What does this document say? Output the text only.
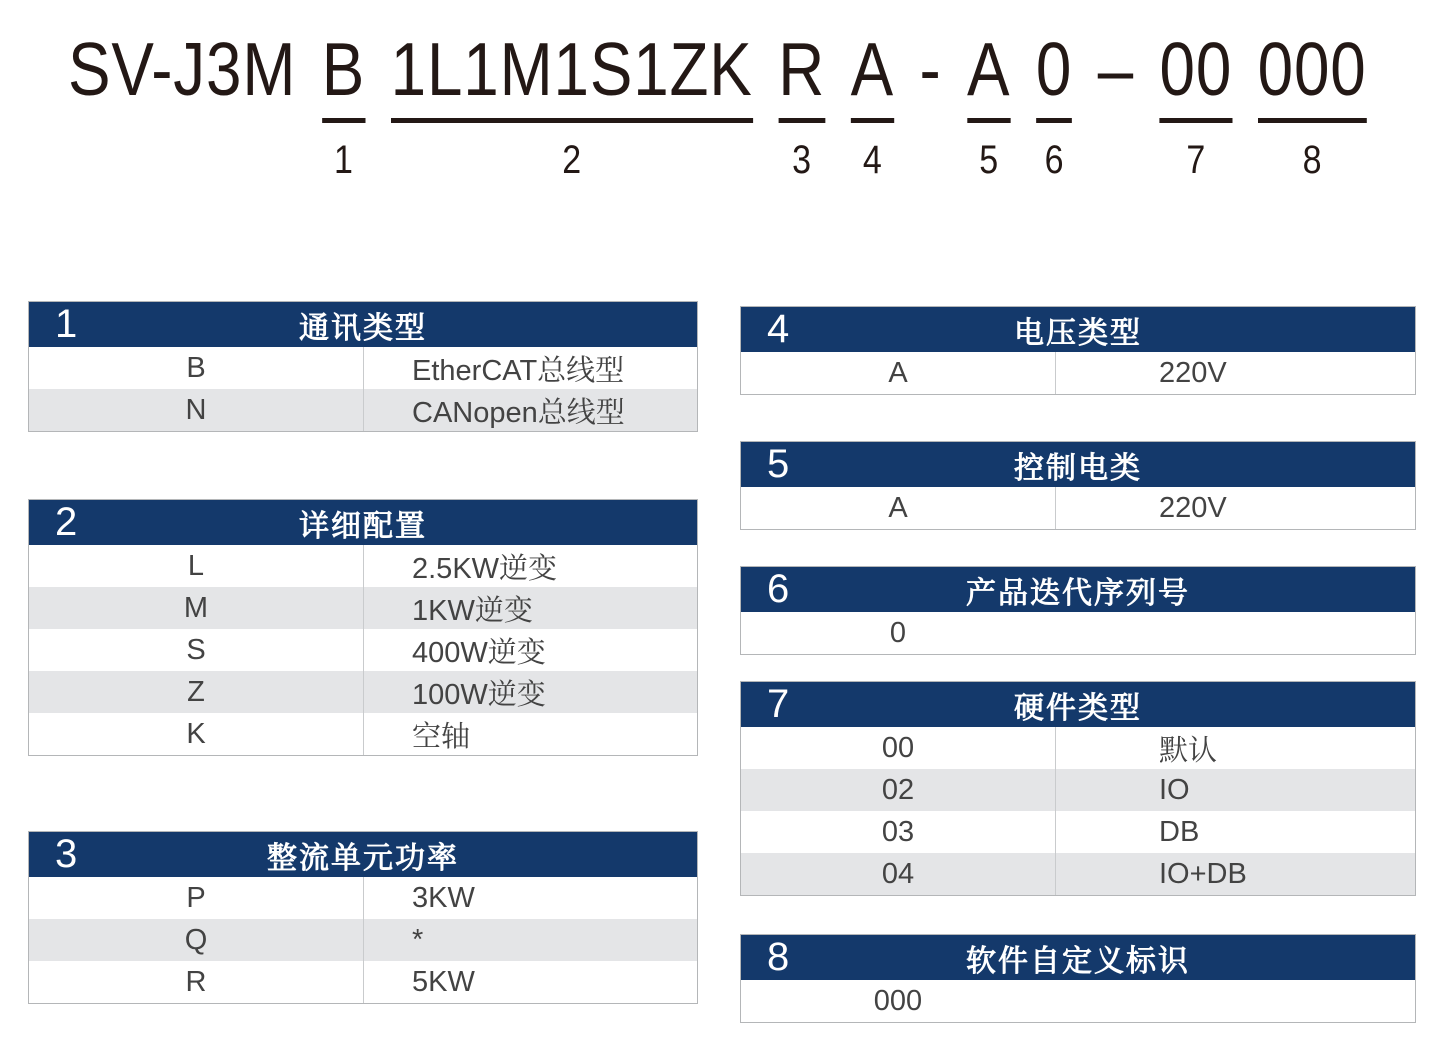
SV-J3M B
1
1L1M1S1ZK
2
R
3
A
4
- A
5
0
6
– 00
7
000
8
1	通讯类型
B	EtherCAT总线型
N	CANopen总线型
2	详细配置
L	2.5KW逆变
M	1KW逆变
S	400W逆变
Z	100W逆变
K	空轴
3	整流单元功率
P	3KW
Q	*
R	5KW
4	电压类型
A	220V
5	控制电类
A	220V
6	产品迭代序列号
0
7	硬件类型
00	默认
02	IO
03	DB
04	IO+DB
8	软件自定义标识
000
